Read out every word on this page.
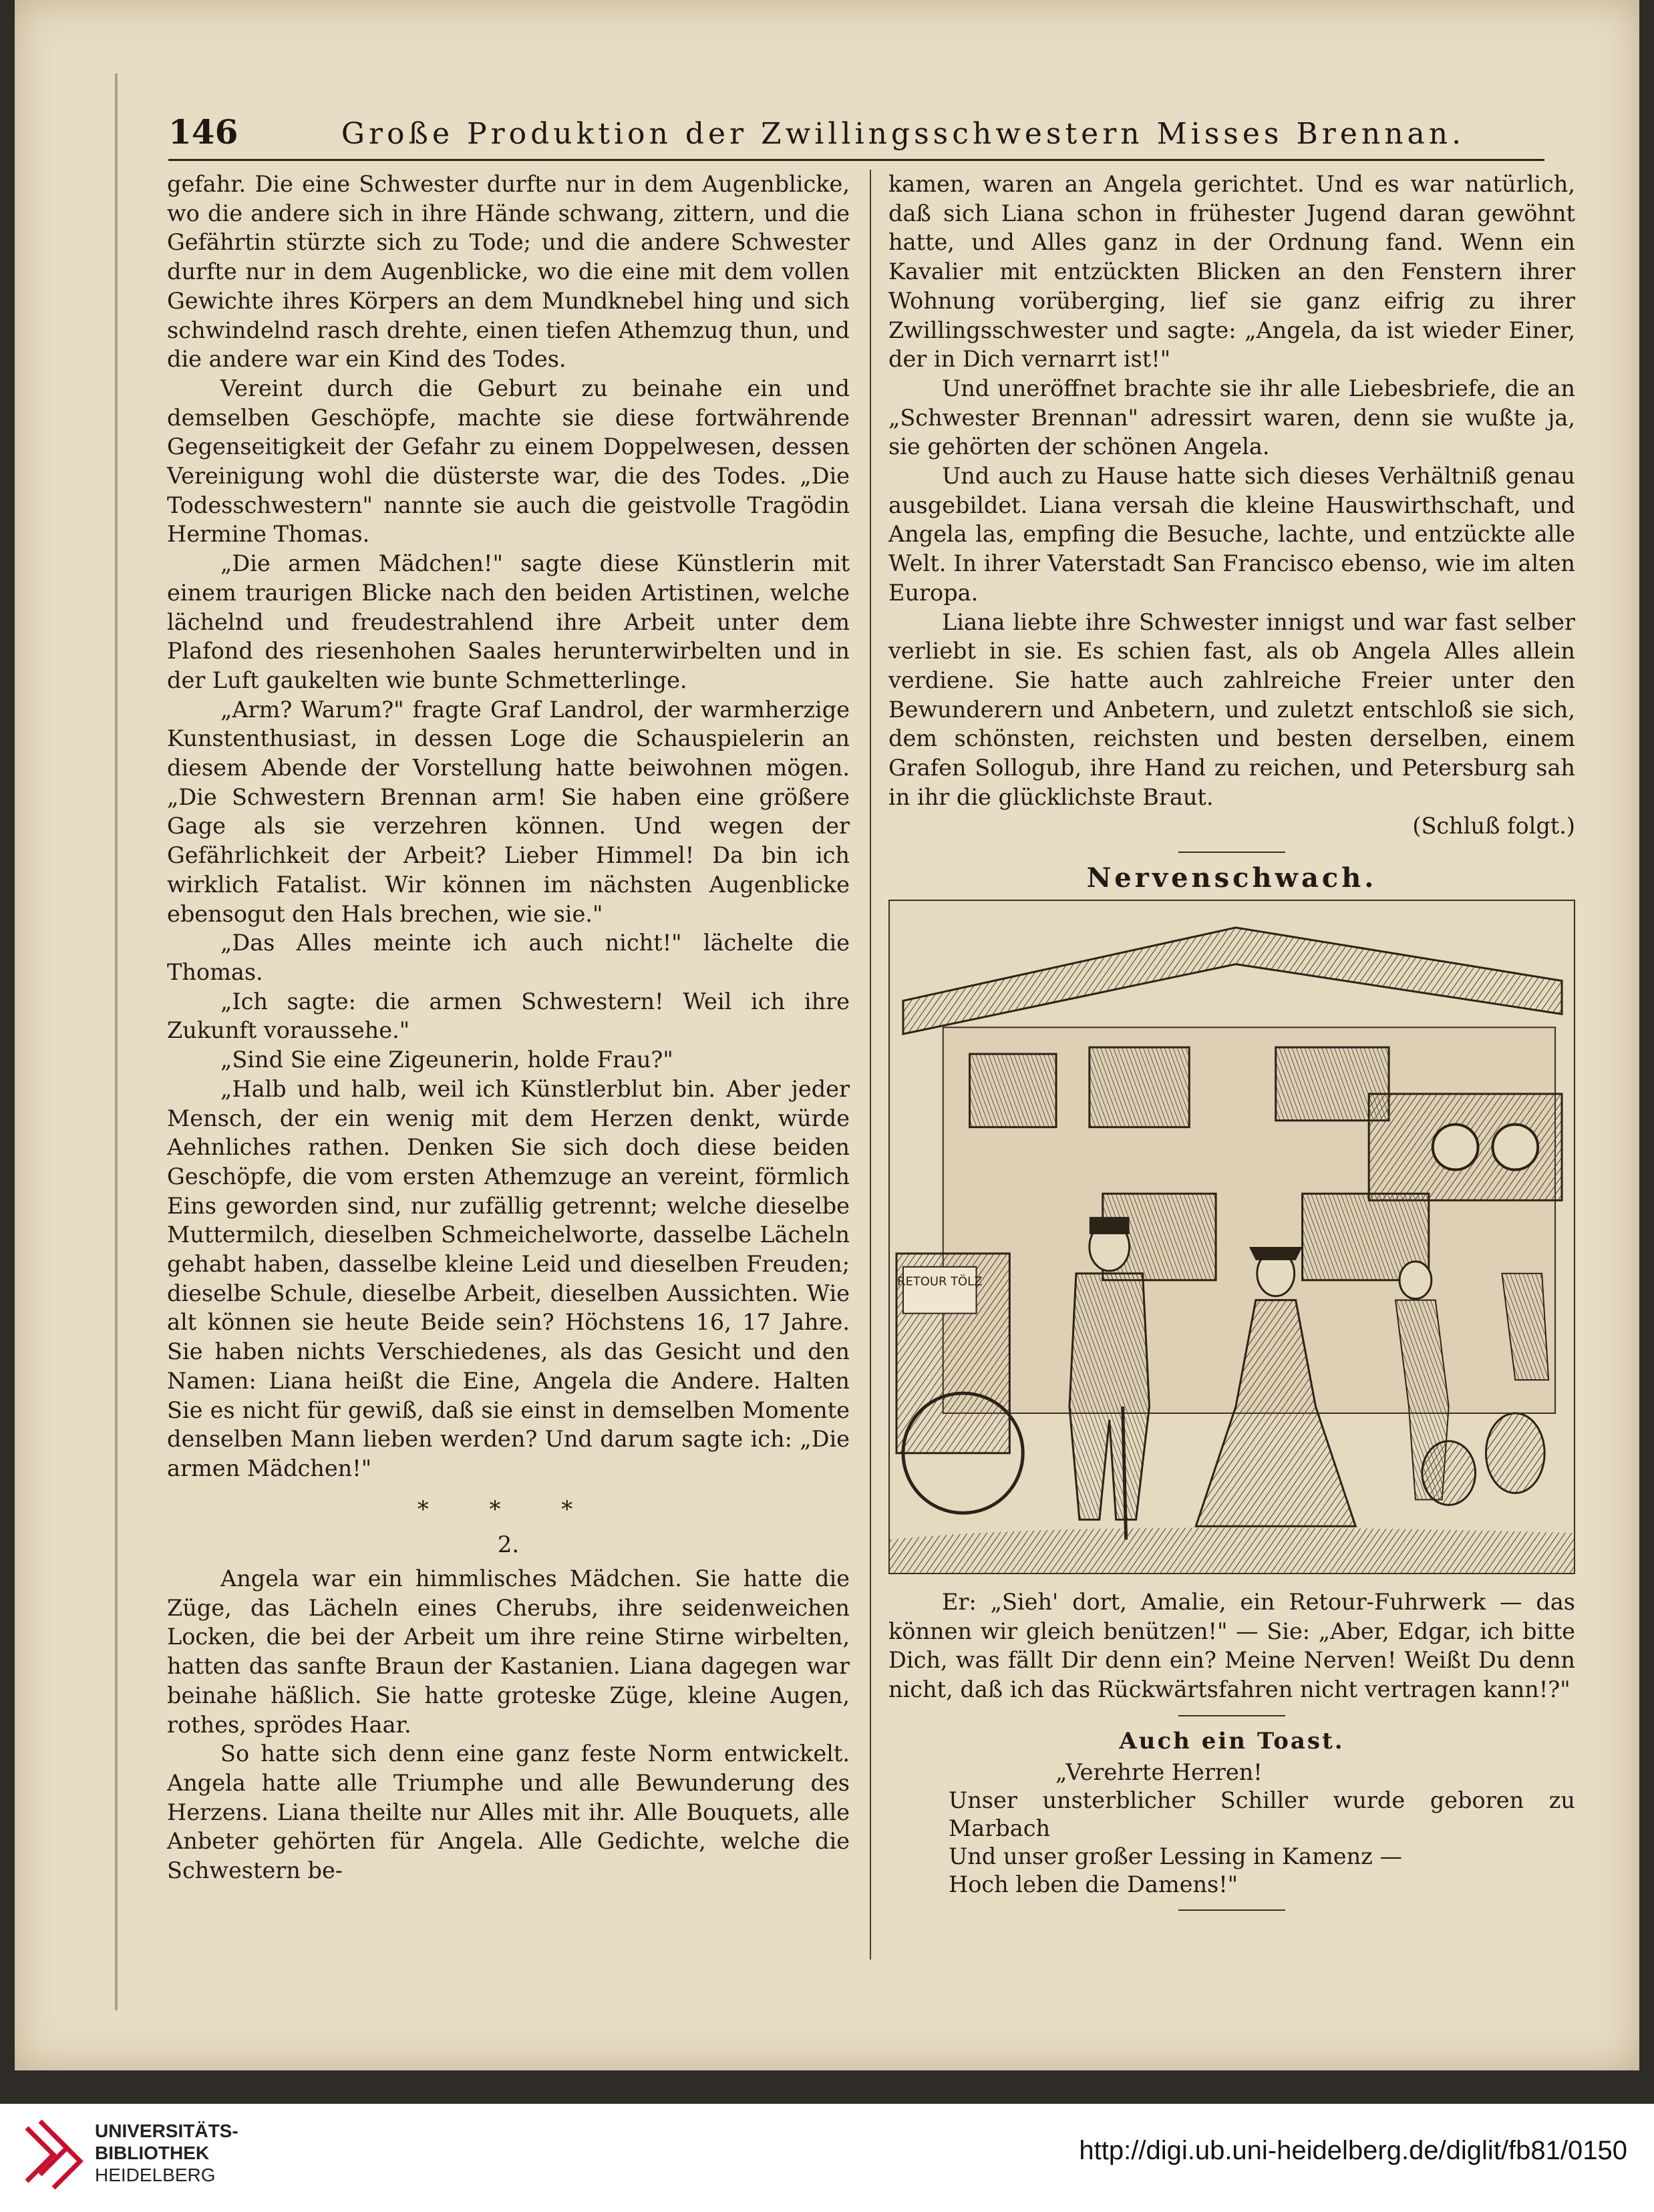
146	Große Produktion der Zwillingsschwestern Misses Brennan.

gefahr. Die eine Schwester durfte nur in dem Augenblicke, wo die andere sich in ihre Hände schwang, zittern, und die Gefährtin stürzte sich zu Tode; und die andere Schwester durfte nur in dem Augenblicke, wo die eine mit dem vollen Gewichte ihres Körpers an dem Mundknebel hing und sich schwindelnd rasch drehte, einen tiefen Athemzug thun, und die andere war ein Kind des Todes.

Vereint durch die Geburt zu beinahe ein und demselben Geschöpfe, machte sie diese fortwährende Gegenseitigkeit der Gefahr zu einem Doppelwesen, dessen Vereinigung wohl die düsterste war, die des Todes. „Die Todesschwestern" nannte sie auch die geistvolle Tragödin Hermine Thomas.

„Die armen Mädchen!" sagte diese Künstlerin mit einem traurigen Blicke nach den beiden Artistinen, welche lächelnd und freudestrahlend ihre Arbeit unter dem Plafond des riesenhohen Saales herunterwirbelten und in der Luft gaukelten wie bunte Schmetterlinge.

„Arm? Warum?" fragte Graf Landrol, der warmherzige Kunstenthusiast, in dessen Loge die Schauspielerin an diesem Abende der Vorstellung hatte beiwohnen mögen. „Die Schwestern Brennan arm! Sie haben eine größere Gage als sie verzehren können. Und wegen der Gefährlichkeit der Arbeit? Lieber Himmel! Da bin ich wirklich Fatalist. Wir können im nächsten Augenblicke ebensogut den Hals brechen, wie sie."

„Das Alles meinte ich auch nicht!" lächelte die Thomas.

„Ich sagte: die armen Schwestern! Weil ich ihre Zukunft voraussehe."

„Sind Sie eine Zigeunerin, holde Frau?"

„Halb und halb, weil ich Künstlerblut bin. Aber jeder Mensch, der ein wenig mit dem Herzen denkt, würde Aehnliches rathen. Denken Sie sich doch diese beiden Geschöpfe, die vom ersten Athemzuge an vereint, förmlich Eins geworden sind, nur zufällig getrennt; welche dieselbe Muttermilch, dieselben Schmeichelworte, dasselbe Lächeln gehabt haben, dasselbe kleine Leid und dieselben Freuden; dieselbe Schule, dieselbe Arbeit, dieselben Aussichten. Wie alt können sie heute Beide sein? Höchstens 16, 17 Jahre. Sie haben nichts Verschiedenes, als das Gesicht und den Namen: Liana heißt die Eine, Angela die Andere. Halten Sie es nicht für gewiß, daß sie einst in demselben Momente denselben Mann lieben werden? Und darum sagte ich: „Die armen Mädchen!"

* * *
2.

Angela war ein himmlisches Mädchen. Sie hatte die Züge, das Lächeln eines Cherubs, ihre seidenweichen Locken, die bei der Arbeit um ihre reine Stirne wirbelten, hatten das sanfte Braun der Kastanien. Liana dagegen war beinahe häßlich. Sie hatte groteske Züge, kleine Augen, rothes, sprödes Haar.

So hatte sich denn eine ganz feste Norm entwickelt. Angela hatte alle Triumphe und alle Bewunderung des Herzens. Liana theilte nur Alles mit ihr. Alle Bouquets, alle Anbeter gehörten für Angela. Alle Gedichte, welche die Schwestern be-

kamen, waren an Angela gerichtet. Und es war natürlich, daß sich Liana schon in frühester Jugend daran gewöhnt hatte, und Alles ganz in der Ordnung fand. Wenn ein Kavalier mit entzückten Blicken an den Fenstern ihrer Wohnung vorüberging, lief sie ganz eifrig zu ihrer Zwillingsschwester und sagte: „Angela, da ist wieder Einer, der in Dich vernarrt ist!"

Und uneröffnet brachte sie ihr alle Liebesbriefe, die an „Schwester Brennan" adressirt waren, denn sie wußte ja, sie gehörten der schönen Angela.

Und auch zu Hause hatte sich dieses Verhältniß genau ausgebildet. Liana versah die kleine Hauswirthschaft, und Angela las, empfing die Besuche, lachte, und entzückte alle Welt. In ihrer Vaterstadt San Francisco ebenso, wie im alten Europa.

Liana liebte ihre Schwester innigst und war fast selber verliebt in sie. Es schien fast, als ob Angela Alles allein verdiene. Sie hatte auch zahlreiche Freier unter den Bewunderern und Anbetern, und zuletzt entschloß sie sich, dem schönsten, reichsten und besten derselben, einem Grafen Sollogub, ihre Hand zu reichen, und Petersburg sah in ihr die glücklichste Braut.

(Schluß folgt.)
Nervenschwach.
RETOUR TÖLZ

Er: „Sieh' dort, Amalie, ein Retour-Fuhrwerk — das können wir gleich benützen!" — Sie: „Aber, Edgar, ich bitte Dich, was fällt Dir denn ein? Meine Nerven! Weißt Du denn nicht, daß ich das Rückwärtsfahren nicht vertragen kann!?"

Auch ein Toast.
„Verehrte Herren!
Unser unsterblicher Schiller wurde geboren zu Marbach
Und unser großer Lessing in Kamenz —
Hoch leben die Damens!"
UNIVERSITÄTS-
BIBLIOTHEK
HEIDELBERG
http://digi.ub.uni-heidelberg.de/diglit/fb81/0150
